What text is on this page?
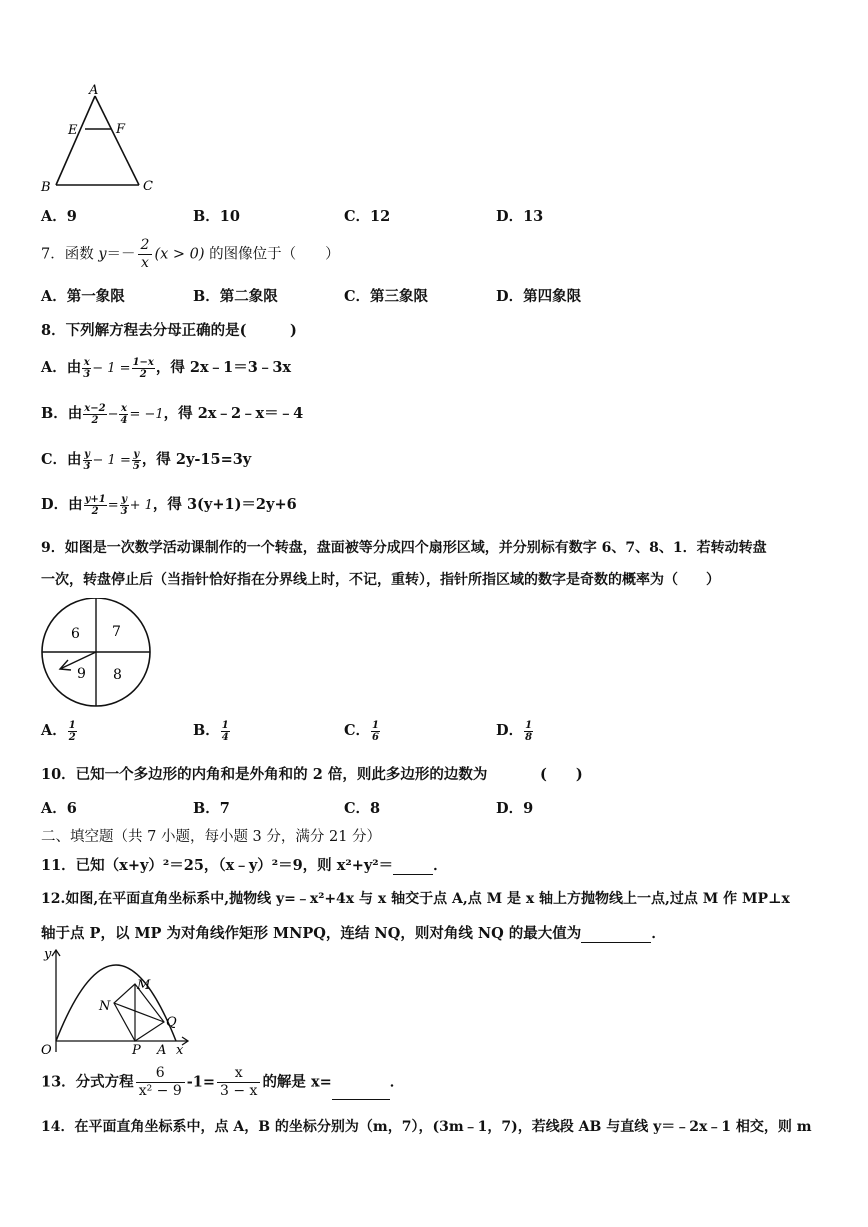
A
E	F
B	C
A．9	B．10	C．12	D．13
7．函数 $y=- \frac{2}{x} (x > 0)$ 的图像位于（　　）
A．第一象限	B．第二象限	C．第三象限	D．第四象限
8．下列解方程去分母正确的是(　　　)
A．由 $\frac{x}{3} - 1 = \frac{1-x}{2}$ ，得 2x﹣1＝3﹣3x
B．由 $\frac{x-2}{2} - \frac{x}{4} = -1$，得 2x﹣2﹣x＝﹣4
C．由 $\frac{y}{3} - 1 = \frac{y}{5}$ ，得 2y-15=3y
D．由 $\frac{y+1}{2} = \frac{y}{3} + 1$，得 3(y+1)＝2y+6
9．如图是一次数学活动课制作的一个转盘，盘面被等分成四个扇形区域，并分别标有数字 6、7、8、1．若转动转盘
一次，转盘停止后（当指针恰好指在分界线上时，不记，重转），指针所指区域的数字是奇数的概率为（　　）
6 7
9 8
A． $\frac{1}{2}$	B． $\frac{1}{4}$	C． $\frac{1}{6}$	D． $\frac{1}{8}$
10．已知一个多边形的内角和是外角和的 2 倍，则此多边形的边数为	(　　)
A．6	B．7	C．8	D．9
二、填空题（共 7 小题，每小题 3 分，满分 21 分）
11．已知（x+y）²＝25，（x﹣y）²＝9，则 x²+y²＝	．
12.如图,在平面直角坐标系中,抛物线 y=﹣x²+4x 与 x 轴交于点 A,点 M 是 x 轴上方抛物线上一点,过点 M 作 MP⊥x
轴于点 P，以 MP 为对角线作矩形 MNPQ，连结 NQ，则对角线 NQ 的最大值为	．
y
x
O
M
N
Q
P A
13．分式方程 $\frac{6}{\text{x² − 9}} -1= \frac{x}{3 - x}$ 的解是 x=	．
14．在平面直角坐标系中，点 A，B 的坐标分别为（m，7），(3m﹣1，7)，若线段 AB 与直线 y＝﹣2x﹣1 相交，则 m
